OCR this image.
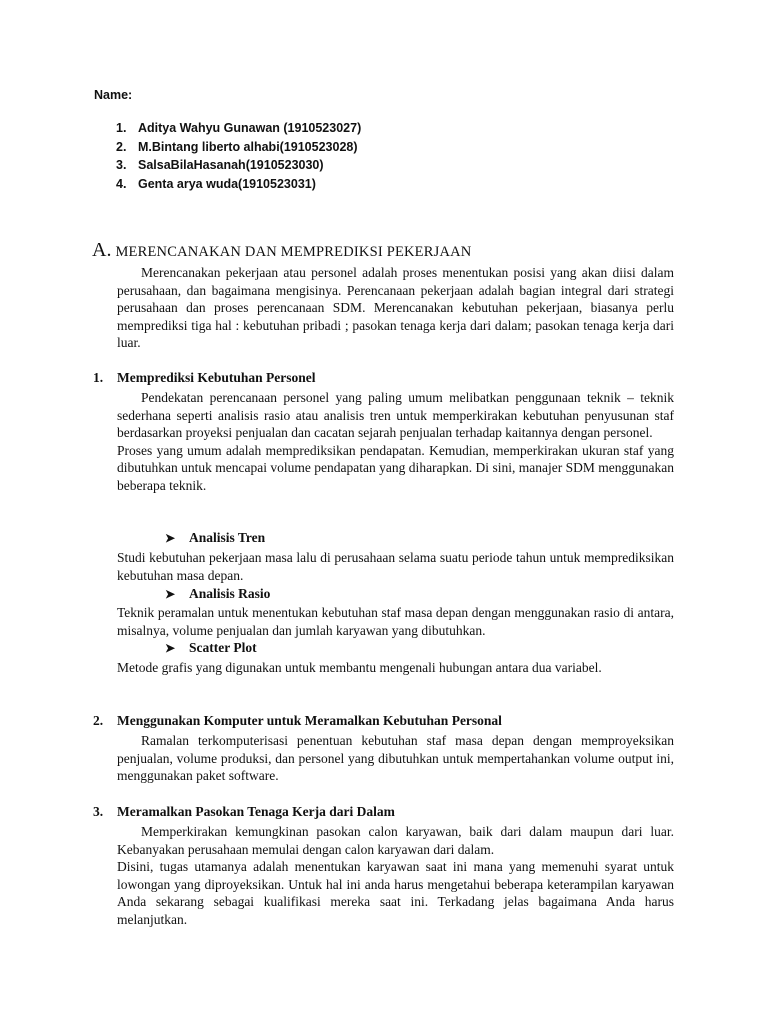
Name:
1. Aditya Wahyu Gunawan (1910523027)
2. M.Bintang liberto alhabi(1910523028)
3. SalsaBilaHasanah(1910523030)
4. Genta arya wuda(1910523031)
A. MERENCANAKAN DAN MEMPREDIKSI PEKERJAAN

Merencanakan pekerjaan atau personel adalah proses menentukan posisi yang akan diisi dalam perusahaan, dan bagaimana mengisinya. Perencanaan pekerjaan adalah bagian integral dari strategi perusahaan dan proses perencanaan SDM. Merencanakan kebutuhan pekerjaan, biasanya perlu memprediksi tiga hal : kebutuhan pribadi ; pasokan tenaga kerja dari dalam; pasokan tenaga kerja dari luar.

1. Memprediksi Kebutuhan Personel

Pendekatan perencanaan personel yang paling umum melibatkan penggunaan teknik – teknik sederhana seperti analisis rasio atau analisis tren untuk memperkirakan kebutuhan penyusunan staf berdasarkan proyeksi penjualan dan cacatan sejarah penjualan terhadap kaitannya dengan personel.

Proses yang umum adalah memprediksikan pendapatan. Kemudian, memperkirakan ukuran staf yang dibutuhkan untuk mencapai volume pendapatan yang diharapkan. Di sini, manajer SDM menggunakan beberapa teknik.

➤ Analisis Tren

Studi kebutuhan pekerjaan masa lalu di perusahaan selama suatu periode tahun untuk memprediksikan kebutuhan masa depan.

➤ Analisis Rasio

Teknik peramalan untuk menentukan kebutuhan staf masa depan dengan menggunakan rasio di antara, misalnya, volume penjualan dan jumlah karyawan yang dibutuhkan.

➤ Scatter Plot

Metode grafis yang digunakan untuk membantu mengenali hubungan antara dua variabel.

2. Menggunakan Komputer untuk Meramalkan Kebutuhan Personal

Ramalan terkomputerisasi penentuan kebutuhan staf masa depan dengan memproyeksikan penjualan, volume produksi, dan personel yang dibutuhkan untuk mempertahankan volume output ini, menggunakan paket software.

3. Meramalkan Pasokan Tenaga Kerja dari Dalam

Memperkirakan kemungkinan pasokan calon karyawan, baik dari dalam maupun dari luar. Kebanyakan perusahaan memulai dengan calon karyawan dari dalam.

Disini, tugas utamanya adalah menentukan karyawan saat ini mana yang memenuhi syarat untuk lowongan yang diproyeksikan. Untuk hal ini anda harus mengetahui beberapa keterampilan karyawan Anda sekarang sebagai kualifikasi mereka saat ini. Terkadang jelas bagaimana Anda harus melanjutkan.
